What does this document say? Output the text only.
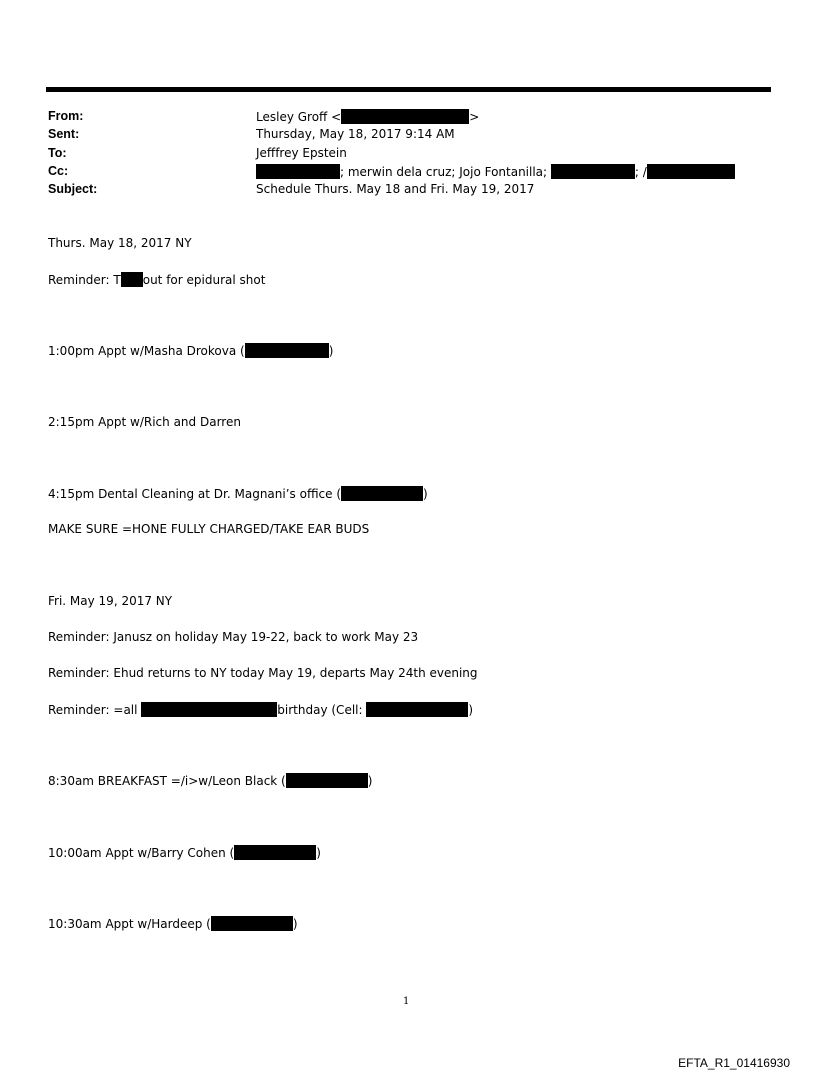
From:	Lesley Groff <	>
Sent:	Thursday, May 18, 2017 9:14 AM
To:	Jefffrey Epstein
Cc:	; merwin dela cruz; Jojo Fontanilla;	; /
Subject:	Schedule Thurs. May 18 and Fri. May 19, 2017
Thurs. May 18, 2017 NY
Reminder: T out for epidural shot
1:00pm Appt w/Masha Drokova (	)
2:15pm Appt w/Rich and Darren
4:15pm Dental Cleaning at Dr. Magnani’s office (	)
MAKE SURE =HONE FULLY CHARGED/TAKE EAR BUDS
Fri. May 19, 2017 NY
Reminder: Janusz on holiday May 19-22, back to work May 23
Reminder: Ehud returns to NY today May 19, departs May 24th evening
Reminder: =all	birthday (Cell:	)
8:30am BREAKFAST =/i>w/Leon Black (	)
10:00am Appt w/Barry Cohen (	)
10:30am Appt w/Hardeep (	)
1
EFTA_R1_01416930
